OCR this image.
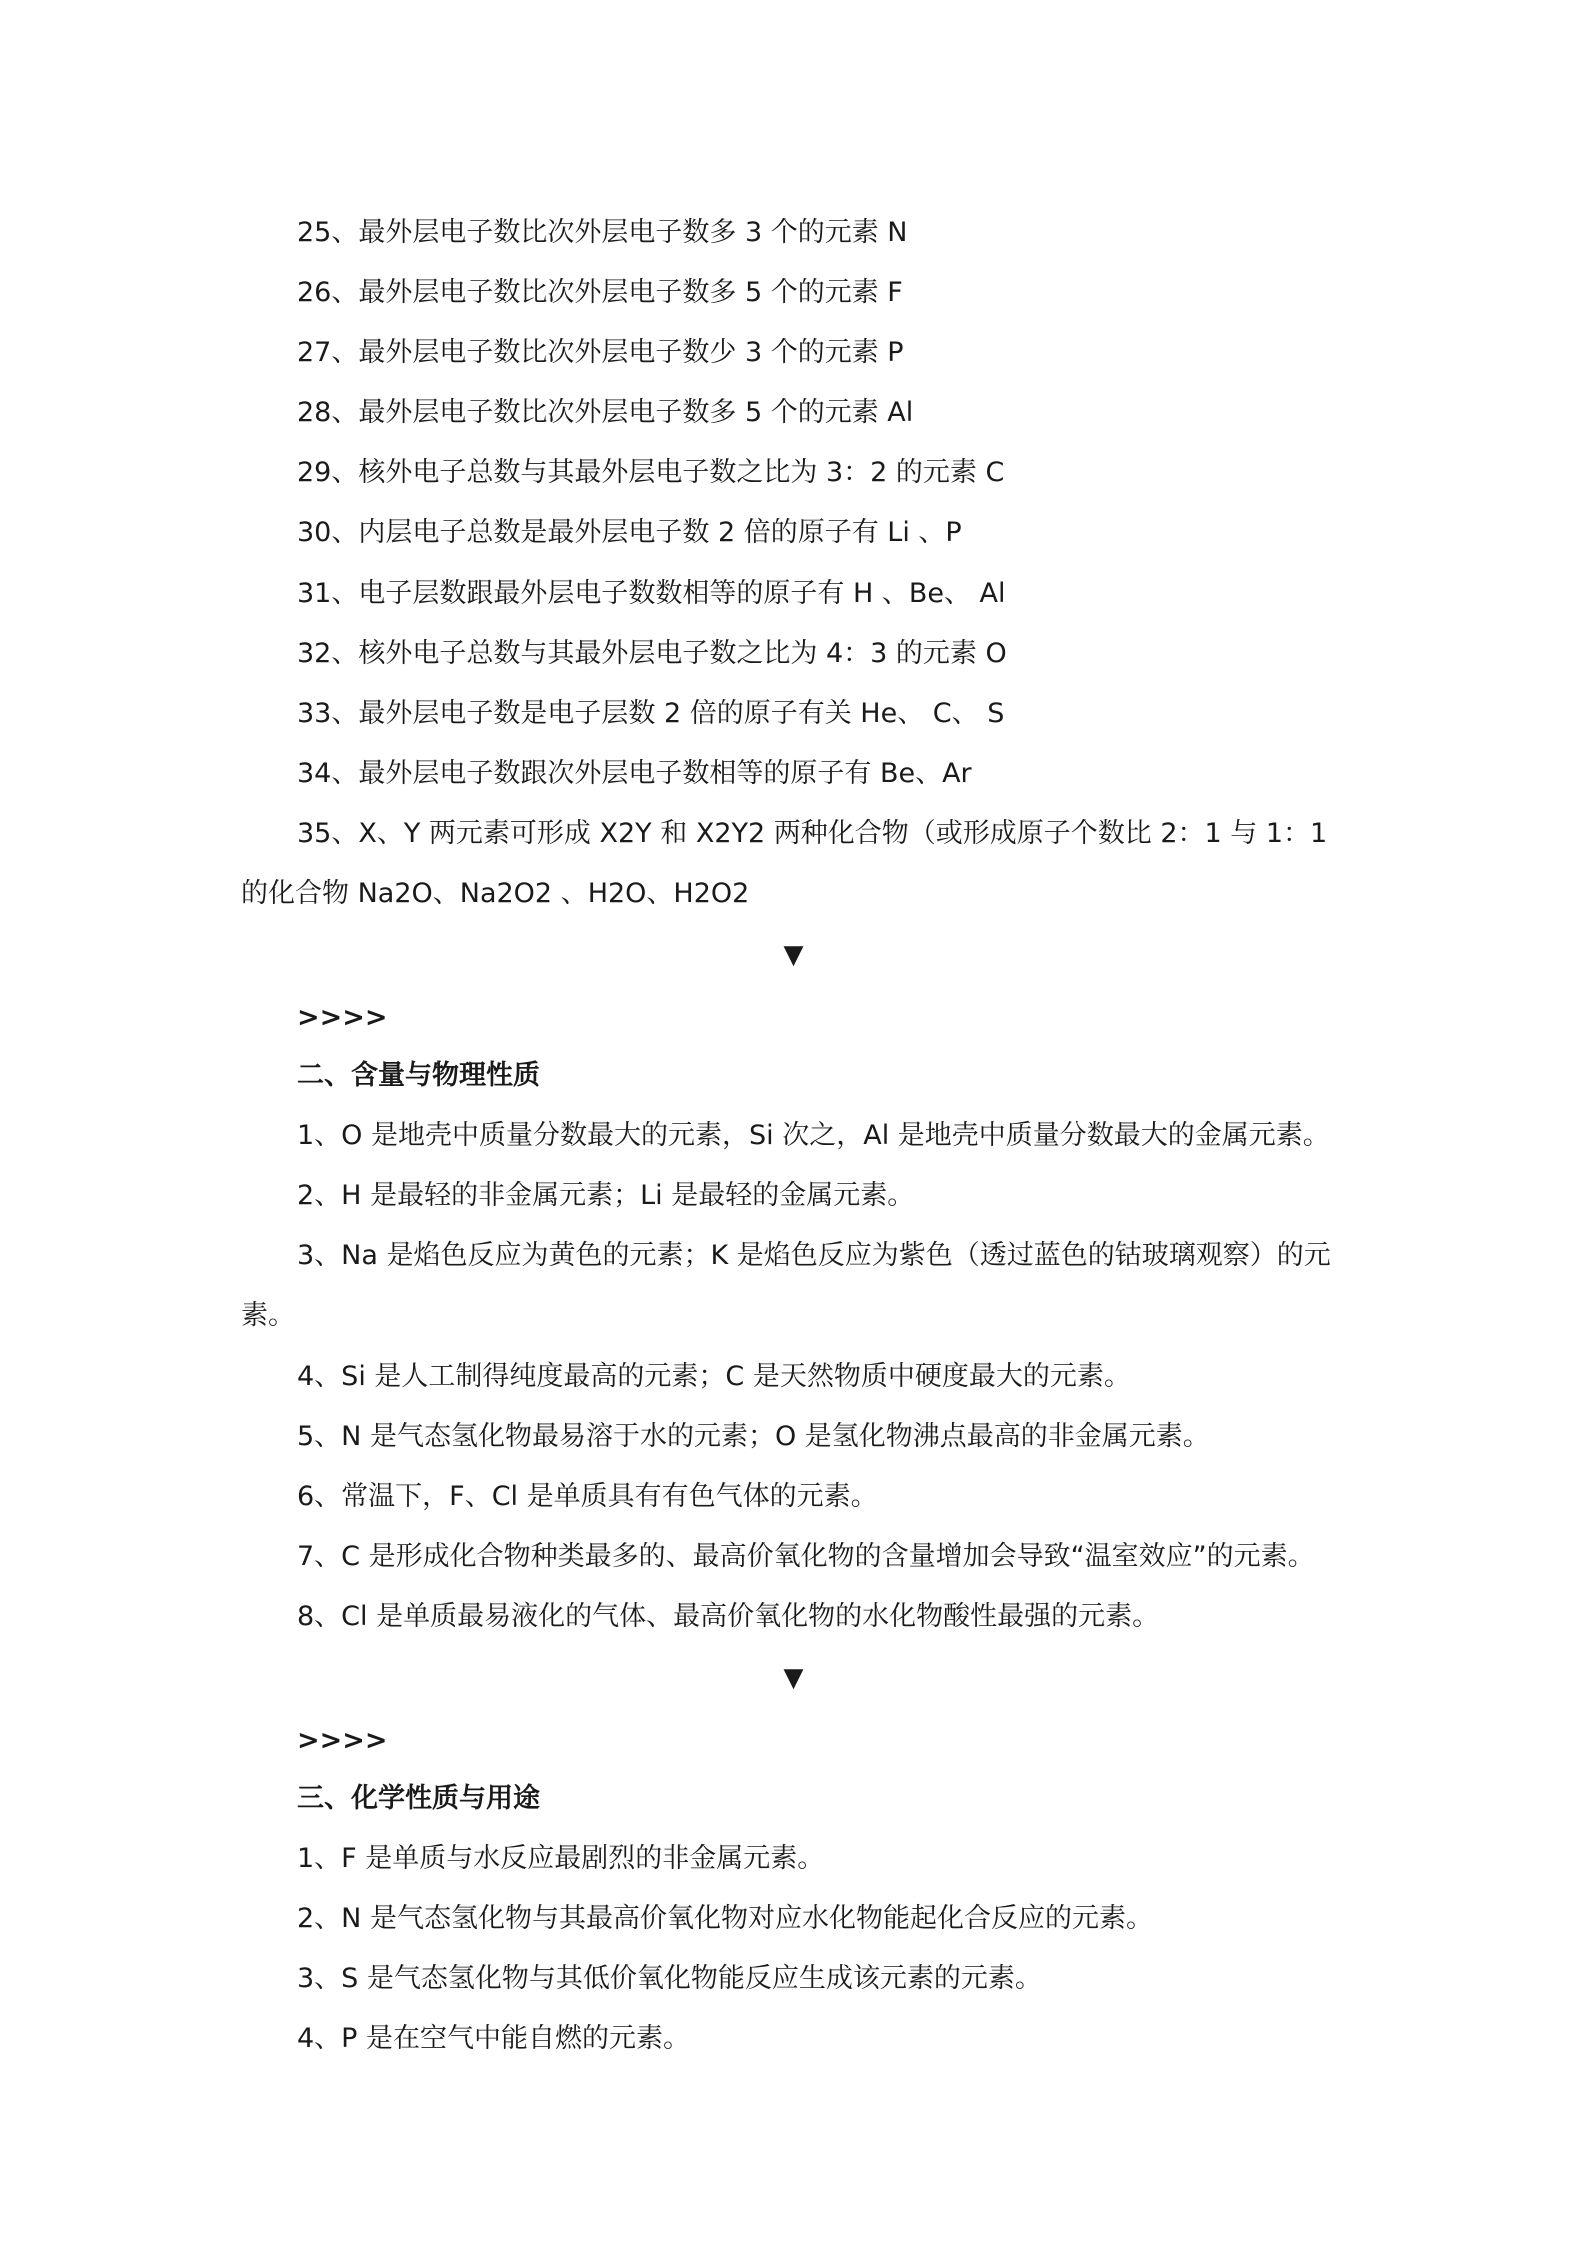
25、最外层电子数比次外层电子数多 3 个的元素 N
26、最外层电子数比次外层电子数多 5 个的元素 F
27、最外层电子数比次外层电子数少 3 个的元素 P
28、最外层电子数比次外层电子数多 5 个的元素 Al
29、核外电子总数与其最外层电子数之比为 3：2 的元素 C
30、内层电子总数是最外层电子数 2 倍的原子有 Li 、P
31、电子层数跟最外层电子数数相等的原子有 H 、Be、 Al
32、核外电子总数与其最外层电子数之比为 4：3 的元素 O
33、最外层电子数是电子层数 2 倍的原子有关 He、 C、 S
34、最外层电子数跟次外层电子数相等的原子有 Be、Ar
35、X、Y 两元素可形成 X2Y 和 X2Y2 两种化合物（或形成原子个数比 2：1 与 1：1
的化合物 Na2O、Na2O2 、H2O、H2O2
▼
>>>>
二、含量与物理性质
1、O 是地壳中质量分数最大的元素，Si 次之，Al 是地壳中质量分数最大的金属元素。
2、H 是最轻的非金属元素；Li 是最轻的金属元素。
3、Na 是焰色反应为黄色的元素；K 是焰色反应为紫色（透过蓝色的钴玻璃观察）的元
素。
4、Si 是人工制得纯度最高的元素；C 是天然物质中硬度最大的元素。
5、N 是气态氢化物最易溶于水的元素；O 是氢化物沸点最高的非金属元素。
6、常温下，F、Cl 是单质具有有色气体的元素。
7、C 是形成化合物种类最多的、最高价氧化物的含量增加会导致“温室效应”的元素。
8、Cl 是单质最易液化的气体、最高价氧化物的水化物酸性最强的元素。
▼
>>>>
三、化学性质与用途
1、F 是单质与水反应最剧烈的非金属元素。
2、N 是气态氢化物与其最高价氧化物对应水化物能起化合反应的元素。
3、S 是气态氢化物与其低价氧化物能反应生成该元素的元素。
4、P 是在空气中能自燃的元素。
